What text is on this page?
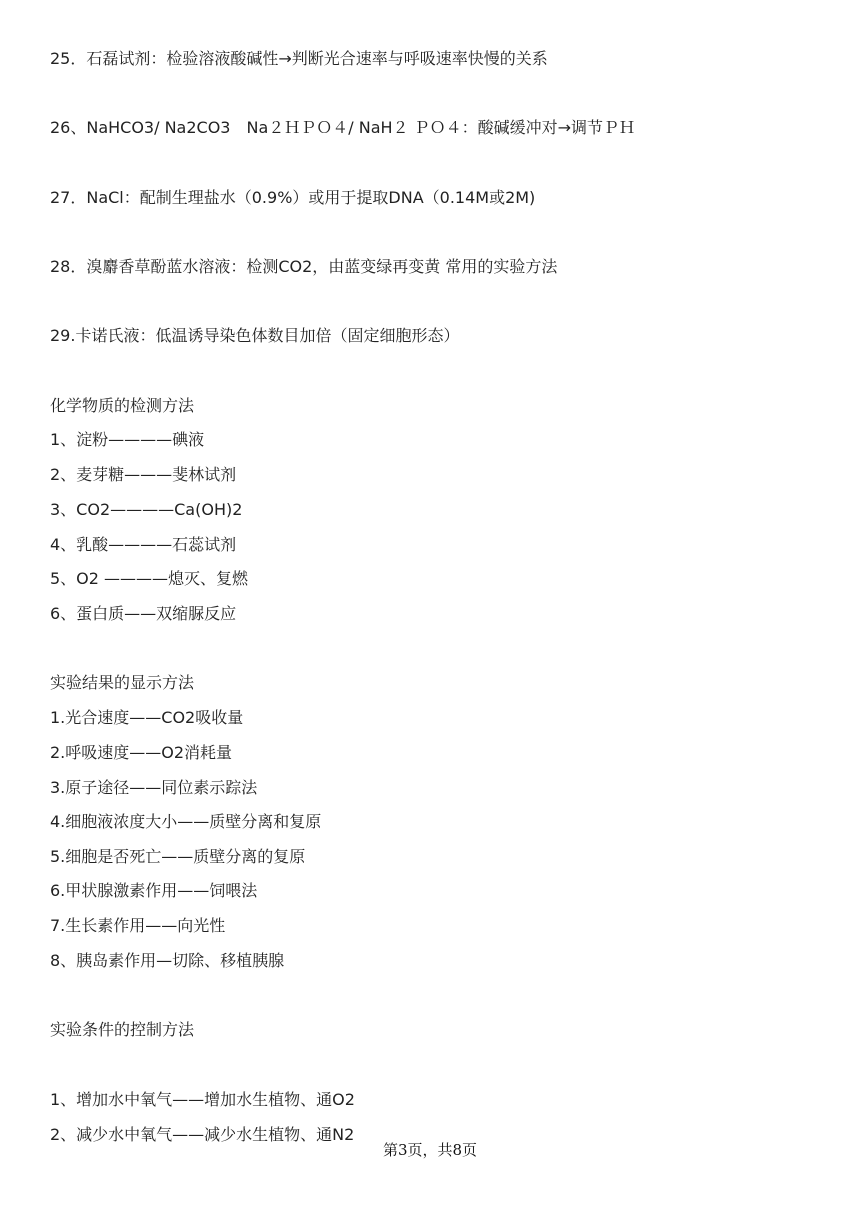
25．石磊试剂：检验溶液酸碱性→判断光合速率与呼吸速率快慢的关系
26、NaHCO3/ Na2CO3　Na２ＨＰＯ４/ NaH２ ＰＯ４：酸碱缓冲对→调节ＰＨ
27．NaCl：配制生理盐水（0.9%）或用于提取DNA（0.14M或2M)
28．溴麝香草酚蓝水溶液：检测CO2，由蓝变绿再变黄 常用的实验方法
29.卡诺氏液：低温诱导染色体数目加倍（固定细胞形态）
化学物质的检测方法
1、淀粉————碘液
2、麦芽糖———斐林试剂
3、CO2————Ca(OH)2
4、乳酸————石蕊试剂
5、O2 ————熄灭、复燃
6、蛋白质——双缩脲反应
实验结果的显示方法
1.光合速度——CO2吸收量
2.呼吸速度——O2消耗量
3.原子途径——同位素示踪法
4.细胞液浓度大小——质壁分离和复原
5.细胞是否死亡——质壁分离的复原
6.甲状腺激素作用——饲喂法
7.生长素作用——向光性
8、胰岛素作用—切除、移植胰腺
实验条件的控制方法
1、增加水中氧气——增加水生植物、通O2
2、减少水中氧气——减少水生植物、通N2
第3页，共8页
